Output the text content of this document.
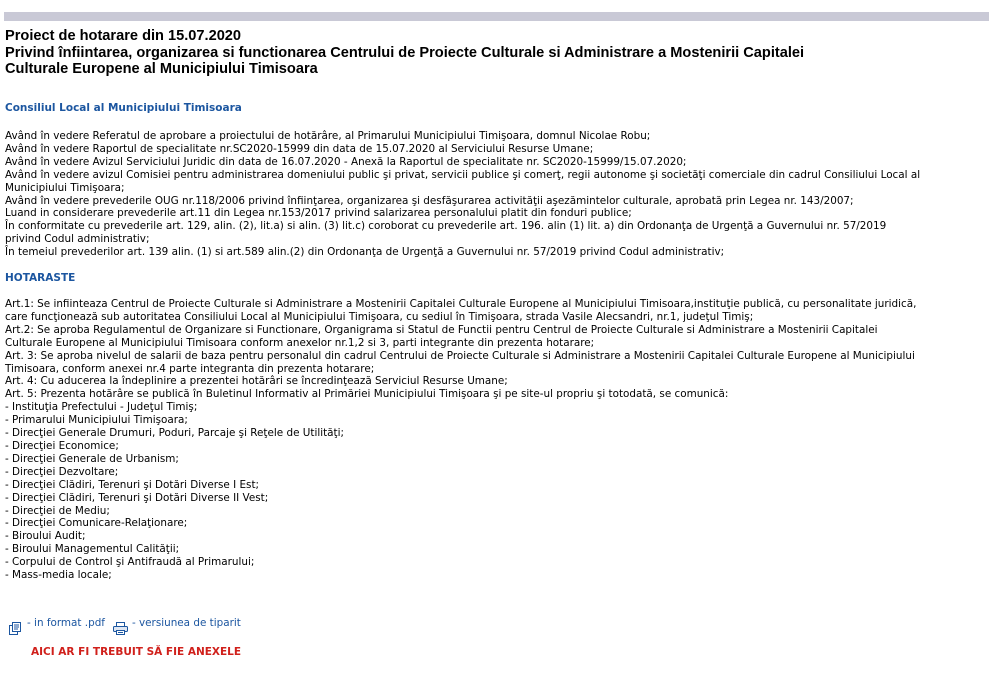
Proiect de hotarare din 15.07.2020
Privind înfiintarea, organizarea si functionarea Centrului de Proiecte Culturale si Administrare a Mostenirii Capitalei
Culturale Europene al Municipiului Timisoara
Consiliul Local al Municipiului Timisoara
Având în vedere Referatul de aprobare a proiectului de hotărâre, al Primarului Municipiului Timişoara, domnul Nicolae Robu;
Având în vedere Raportul de specialitate nr.SC2020-15999 din data de 15.07.2020 al Serviciului Resurse Umane;
Având în vedere Avizul Serviciului Juridic din data de 16.07.2020 - Anexă la Raportul de specialitate nr. SC2020-15999/15.07.2020;
Având în vedere avizul Comisiei pentru administrarea domeniului public şi privat, servicii publice şi comerţ, regii autonome şi societăţi comerciale din cadrul Consiliului Local al
Municipiului Timişoara;
Având în vedere prevederile OUG nr.118/2006 privind înfiinţarea, organizarea şi desfăşurarea activităţii aşezămintelor culturale, aprobată prin Legea nr. 143/2007;
Luand in considerare prevederile art.11 din Legea nr.153/2017 privind salarizarea personalului platit din fonduri publice;
În conformitate cu prevederile art. 129, alin. (2), lit.a) si alin. (3) lit.c) coroborat cu prevederile art. 196. alin (1) lit. a) din Ordonanţa de Urgenţă a Guvernului nr. 57/2019
privind Codul administrativ;
În temeiul prevederilor art. 139 alin. (1) si art.589 alin.(2) din Ordonanţa de Urgenţă a Guvernului nr. 57/2019 privind Codul administrativ;
HOTARASTE
Art.1: Se infiinteaza Centrul de Proiecte Culturale si Administrare a Mostenirii Capitalei Culturale Europene al Municipiului Timisoara,instituţie publică, cu personalitate juridică,
care funcţionează sub autoritatea Consiliului Local al Municipiului Timişoara, cu sediul în Timişoara, strada Vasile Alecsandri, nr.1, judeţul Timiş;
Art.2: Se aproba Regulamentul de Organizare si Functionare, Organigrama si Statul de Functii pentru Centrul de Proiecte Culturale si Administrare a Mostenirii Capitalei
Culturale Europene al Municipiului Timisoara conform anexelor nr.1,2 si 3, parti integrante din prezenta hotarare;
Art. 3: Se aproba nivelul de salarii de baza pentru personalul din cadrul Centrului de Proiecte Culturale si Administrare a Mostenirii Capitalei Culturale Europene al Municipiului
Timisoara, conform anexei nr.4 parte integranta din prezenta hotarare;
Art. 4: Cu aducerea la îndeplinire a prezentei hotărâri se încredinţează Serviciul Resurse Umane;
Art. 5: Prezenta hotărâre se publică în Buletinul Informativ al Primăriei Municipiului Timişoara şi pe site-ul propriu şi totodată, se comunică:
- Instituţia Prefectului - Judeţul Timiş;
- Primarului Municipiului Timişoara;
- Direcţiei Generale Drumuri, Poduri, Parcaje şi Reţele de Utilităţi;
- Direcţiei Economice;
- Direcţiei Generale de Urbanism;
- Direcţiei Dezvoltare;
- Direcţiei Clădiri, Terenuri şi Dotări Diverse I Est;
- Direcţiei Clădiri, Terenuri şi Dotări Diverse II Vest;
- Direcţiei de Mediu;
- Direcţiei Comunicare-Relaţionare;
- Biroului Audit;
- Biroului Managementul Calităţii;
- Corpului de Control şi Antifraudă al Primarului;
- Mass-media locale;
- in format .pdf	- versiunea de tiparit
AICI AR FI TREBUIT SĂ FIE ANEXELE
